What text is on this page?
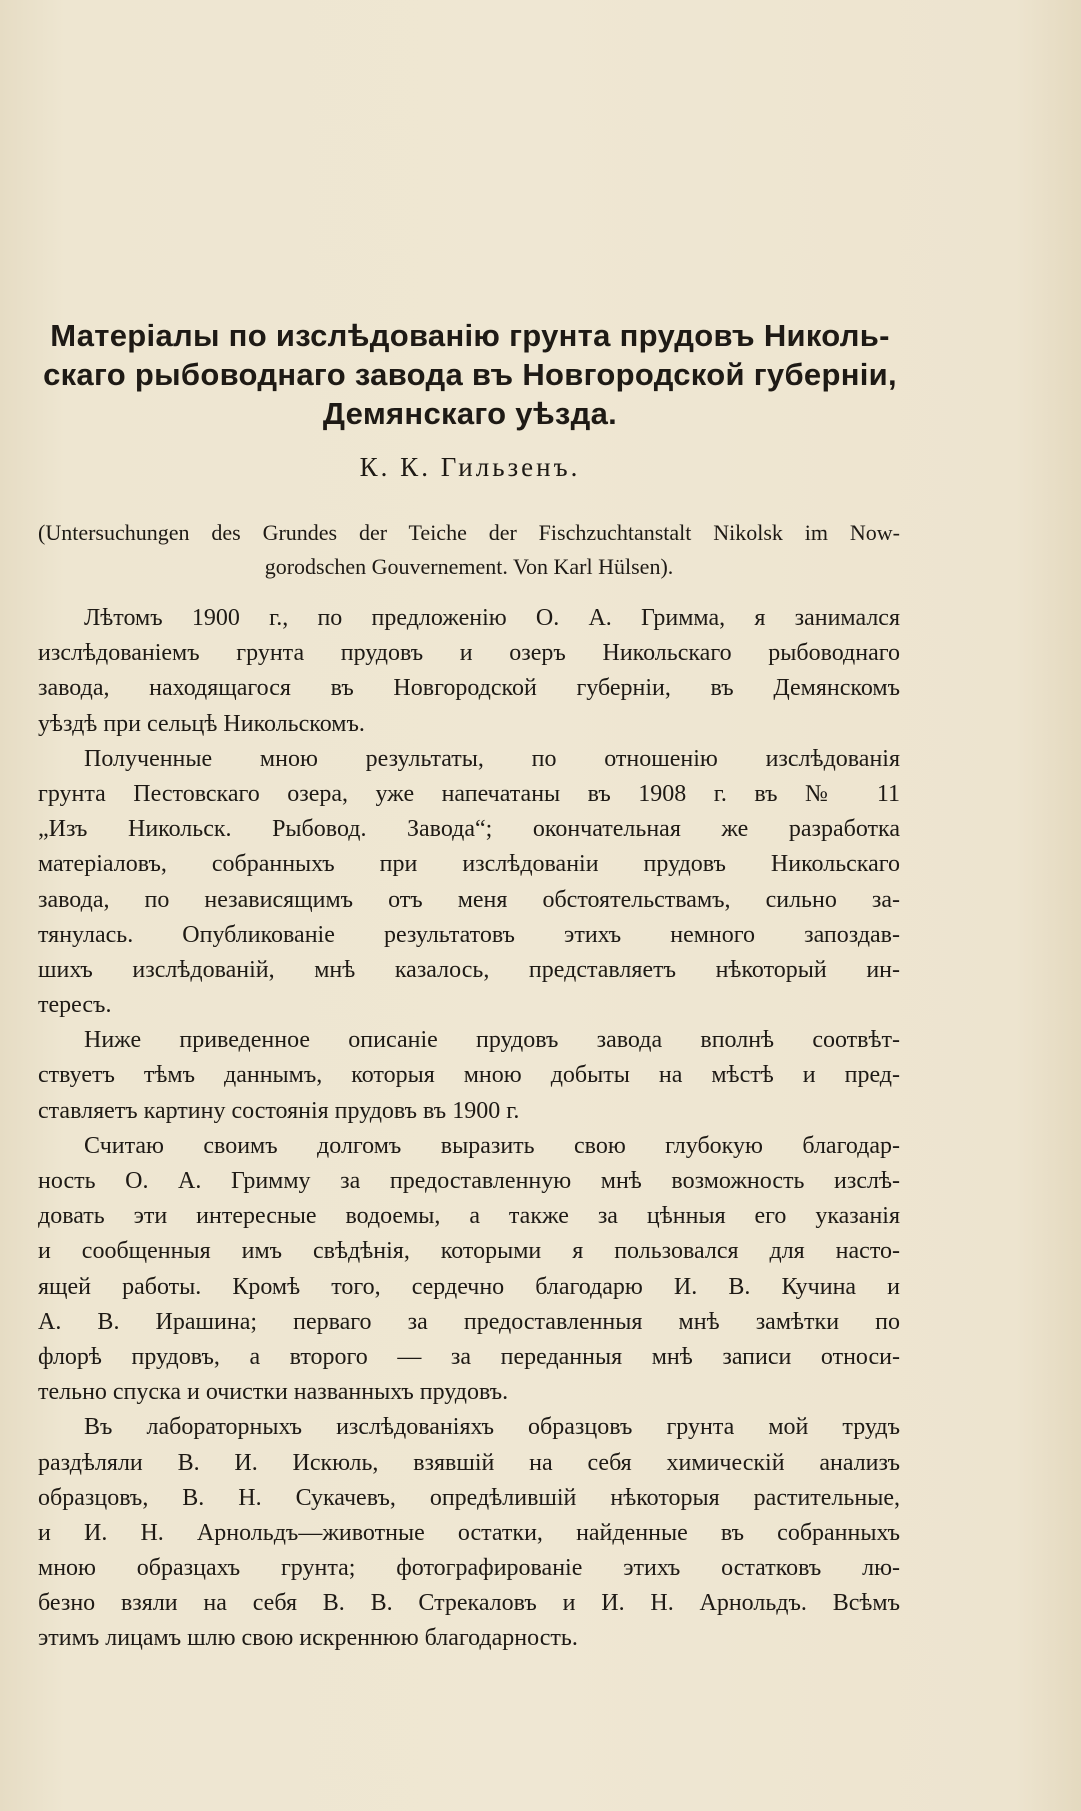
Матеріалы по изслѣдованію грунта прудовъ Николь-
скаго рыбоводнаго завода въ Новгородской губерніи,
Демянскаго уѣзда.

К. К. Гильзенъ.

(Untersuchungen des Grundes der Teiche der Fischzuchtanstalt Nikolsk im Now-
gorodschen Gouvernement. Von Karl Hülsen).

Лѣтомъ 1900 г., по предложенію О. А. Гримма, я занимался
изслѣдованіемъ грунта прудовъ и озеръ Никольскаго рыбоводнаго
завода, находящагося въ Новгородской губерніи, въ Демянскомъ
уѣздѣ при сельцѣ Никольскомъ.
Полученные мною результаты, по отношенію изслѣдованія
грунта Пестовскаго озера, уже напечатаны въ 1908 г. въ № 11
„Изъ Никольск. Рыбовод. Завода“; окончательная же разработка
матеріаловъ, собранныхъ при изслѣдованіи прудовъ Никольскаго
завода, по независящимъ отъ меня обстоятельствамъ, сильно за-
тянулась. Опубликованіе результатовъ этихъ немного запоздав-
шихъ изслѣдованій, мнѣ казалось, представляетъ нѣкоторый ин-
тересъ.
Ниже приведенное описаніе прудовъ завода вполнѣ соотвѣт-
ствуетъ тѣмъ даннымъ, которыя мною добыты на мѣстѣ и пред-
ставляетъ картину состоянія прудовъ въ 1900 г.
Считаю своимъ долгомъ выразить свою глубокую благодар-
ность О. А. Гримму за предоставленную мнѣ возможность изслѣ-
довать эти интересные водоемы, а также за цѣнныя его указанія
и сообщенныя имъ свѣдѣнія, которыми я пользовался для насто-
ящей работы. Кромѣ того, сердечно благодарю И. В. Кучина и
А. В. Ирашина; перваго за предоставленныя мнѣ замѣтки по
флорѣ прудовъ, а второго — за переданныя мнѣ записи относи-
тельно спуска и очистки названныхъ прудовъ.
Въ лабораторныхъ изслѣдованіяхъ образцовъ грунта мой трудъ
раздѣляли В. И. Искюль, взявшій на себя химическій анализъ
образцовъ, В. Н. Сукачевъ, опредѣлившій нѣкоторыя растительные,
и И. Н. Арнольдъ—животные остатки, найденные въ собранныхъ
мною образцахъ грунта; фотографированіе этихъ остатковъ лю-
безно взяли на себя В. В. Стрекаловъ и И. Н. Арнольдъ. Всѣмъ
этимъ лицамъ шлю свою искреннюю благодарность.
